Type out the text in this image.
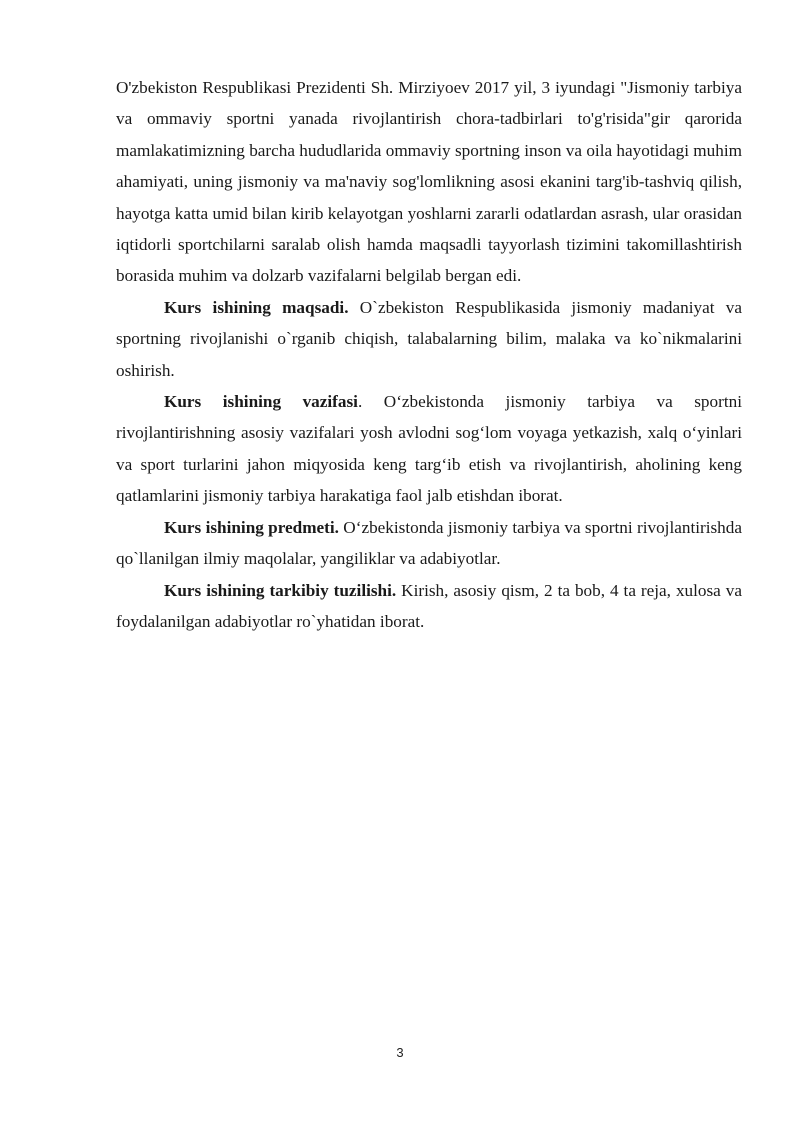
O'zbekiston Respublikasi Prezidenti Sh. Mirziyoev 2017 yil, 3 iyundagi "Jismoniy tarbiya va ommaviy sportni yanada rivojlantirish chora-tadbirlari to'g'risida"gir qarorida mamlakatimizning barcha hududlarida ommaviy sportning inson va oila hayotidagi muhim ahamiyati, uning jismoniy va ma'naviy sog'lomlikning asosi ekanini targ'ib-tashviq qilish, hayotga katta umid bilan kirib kelayotgan yoshlarni zararli odatlardan asrash, ular orasidan iqtidorli sportchilarni saralab olish hamda maqsadli tayyorlash tizimini takomillashtirish borasida muhim va dolzarb vazifalarni belgilab bergan edi.

Kurs ishining maqsadi. O`zbekiston Respublikasida jismoniy madaniyat va sportning rivojlanishi o`rganib chiqish, talabalarning bilim, malaka va ko`nikmalarini oshirish.

Kurs ishining vazifasi. O‘zbekistonda jismoniy tarbiya va sportni rivojlantirishning asosiy vazifalari yosh avlodni sog‘lom voyaga yetkazish, xalq o‘yinlari va sport turlarini jahon miqyosida keng targ‘ib etish va rivojlantirish, aholining keng qatlamlarini jismoniy tarbiya harakatiga faol jalb etishdan iborat.

Kurs ishining predmeti. O‘zbekistonda jismoniy tarbiya va sportni rivojlantirishda qo`llanilgan ilmiy maqolalar, yangiliklar va adabiyotlar.

Kurs ishining tarkibiy tuzilishi. Kirish, asosiy qism, 2 ta bob, 4 ta reja, xulosa va foydalanilgan adabiyotlar ro`yhatidan iborat.

3
